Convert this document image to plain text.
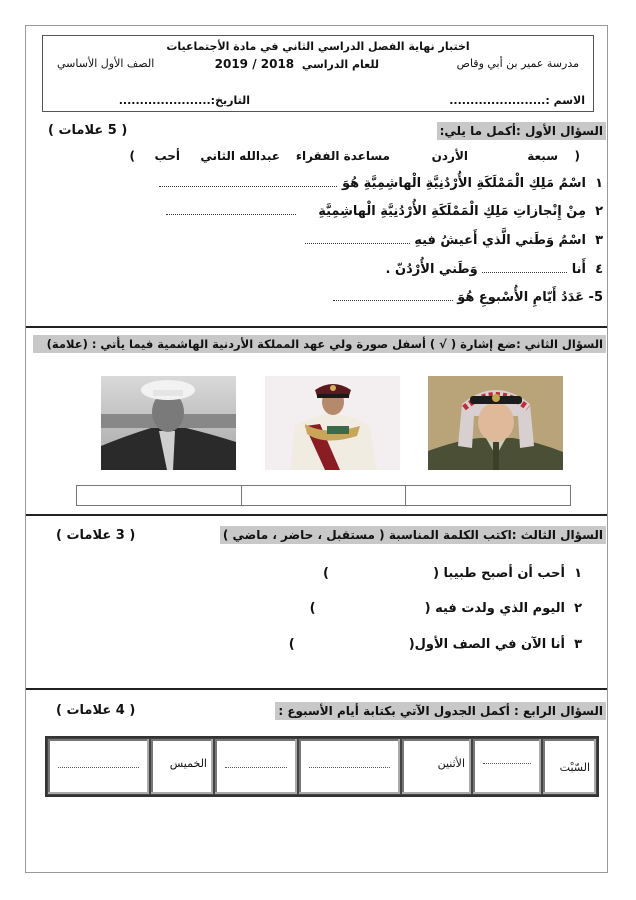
اختبار نهاية الفصل الدراسي الثاني في مادة الأجتماعيات
مدرسة عمير بن أبي وقاص
للعام الدراسي  2019 / 2018
الصف الأول الأساسي
الاسم :.......................
التاريخ:......................
السؤال الأول :أكمل ما يلي:
( 5 علامات )
(
سبعة
الأردن
مساعدة الفقراء
عبدالله الثاني
أحب
)
١  اسْمُ مَلِكِ الْمَمْلَكَةِ الأُرْدُنِيَّةِ الْهاشِمِيَّةِ هُوَ
٢  مِنْ إِنْجازاتِ مَلِكِ الْمَمْلَكَةِ الأُرْدُنِيَّةِ الْهاشِمِيَّةِ
٣  اسْمُ وَطَني الَّذي أَعيشُ فيهِ
٤  أَنا  وَطَني الأُرْدُنّ .
5- عَدَدُ أَيّامِ الأُسْبوعِ هُوَ
السؤال الثاني :ضع إشارة ( √ ) أسفل صورة ولي عهد المملكة الأردنية الهاشمية فيما يأتي : (علامة)
السؤال الثالث :اكتب الكلمة المناسبة ( مستقبل ، حاضر ، ماضي )
( 3 علامات )
١  أحب أن أصبح طبيبا (  )
٢  اليوم الذي ولدت فيه (  )
٣  أنا الآن في الصف الأول(  )
السؤال الرابع : أكمل الجدول الآتي بكتابة أيام الأسبوع :
( 4 علامات )
السّبْت
الأثنين
الخميس
